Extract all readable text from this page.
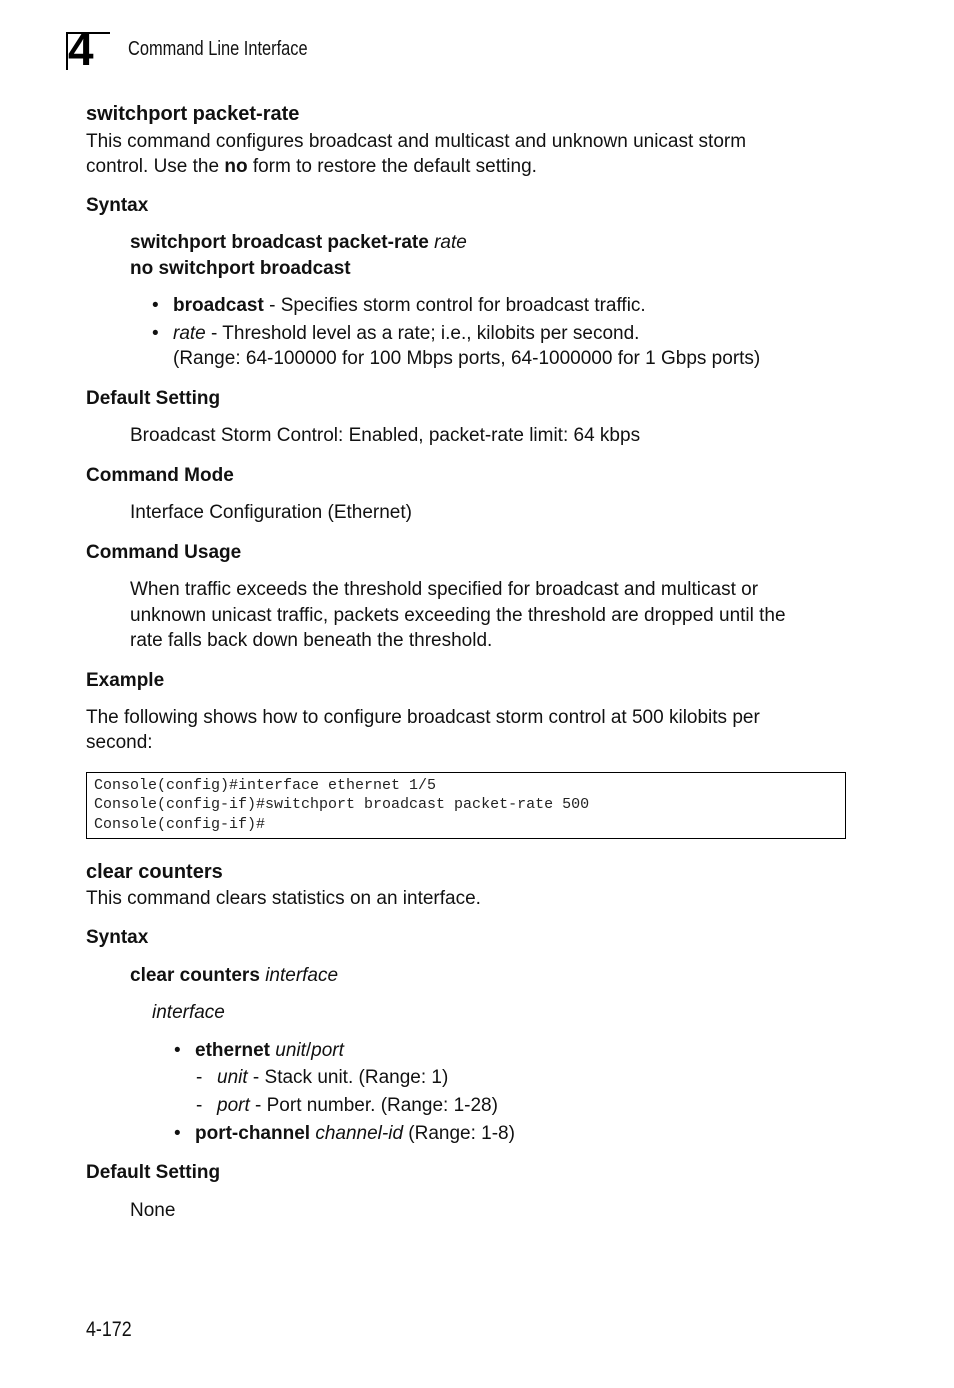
4 Command Line Interface
switchport packet-rate
This command configures broadcast and multicast and unknown unicast storm
control. Use the no form to restore the default setting.
Syntax
switchport broadcast packet-rate rate
no switchport broadcast
• broadcast - Specifies storm control for broadcast traffic.
• rate - Threshold level as a rate; i.e., kilobits per second.
(Range: 64-100000 for 100 Mbps ports, 64-1000000 for 1 Gbps ports)
Default Setting
Broadcast Storm Control: Enabled, packet-rate limit: 64 kbps
Command Mode
Interface Configuration (Ethernet)
Command Usage
When traffic exceeds the threshold specified for broadcast and multicast or
unknown unicast traffic, packets exceeding the threshold are dropped until the
rate falls back down beneath the threshold.
Example
The following shows how to configure broadcast storm control at 500 kilobits per
second:
Console(config)#interface ethernet 1/5
Console(config-if)#switchport broadcast packet-rate 500
Console(config-if)#
clear counters
This command clears statistics on an interface.
Syntax
clear counters interface
interface
• ethernet unit/port
- unit - Stack unit. (Range: 1)
- port - Port number. (Range: 1-28)
• port-channel channel-id (Range: 1-8)
Default Setting
None
4-172
